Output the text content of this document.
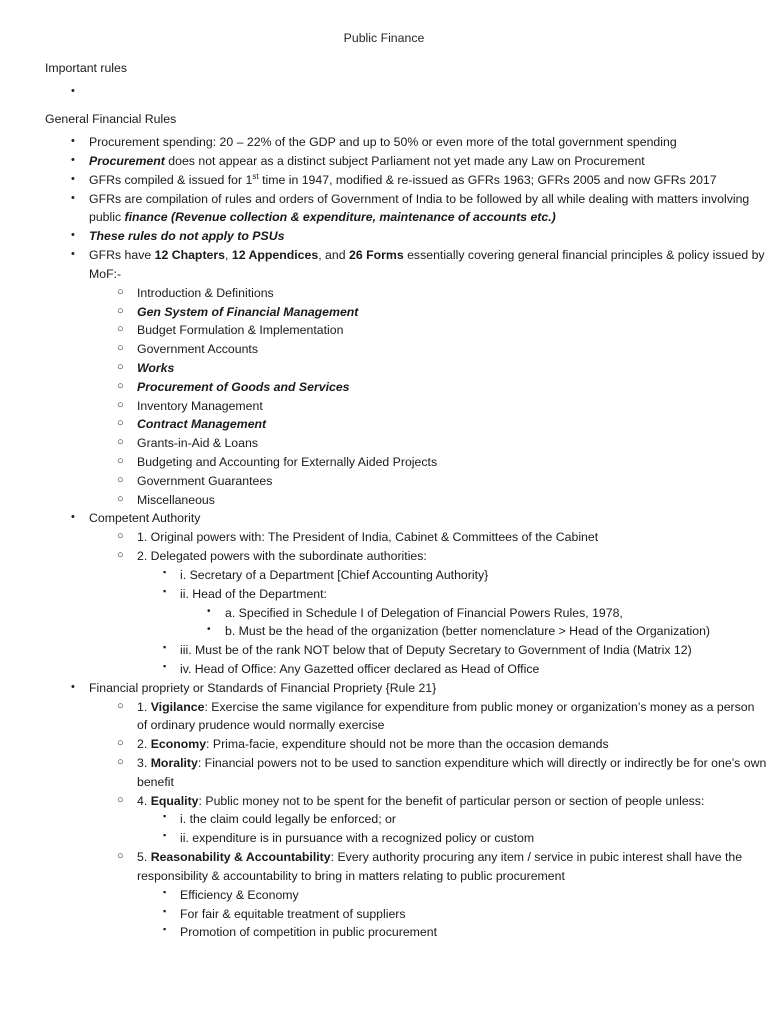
Public Finance
Important rules
•
General Financial Rules
•	Procurement spending: 20 – 22% of the GDP and up to 50% or even more of the total government spending
•	Procurement does not appear as a distinct subject Parliament not yet made any Law on Procurement
•	GFRs compiled & issued for 1st time in 1947, modified & re-issued as GFRs 1963; GFRs 2005 and now GFRs 2017
•	GFRs are compilation of rules and orders of Government of India to be followed by all while dealing with matters involving public finance (Revenue collection & expenditure, maintenance of accounts etc.)
•	These rules do not apply to PSUs
•	GFRs have 12 Chapters, 12 Appendices, and 26 Forms essentially covering general financial principles & policy issued by MoF:-
○	Introduction & Definitions
○	Gen System of Financial Management
○	Budget Formulation & Implementation
○	Government Accounts
○	Works
○	Procurement of Goods and Services
○	Inventory Management
○	Contract Management
○	Grants-in-Aid & Loans
○	Budgeting and Accounting for Externally Aided Projects
○	Government Guarantees
○	Miscellaneous
•	Competent Authority
○	1. Original powers with: The President of India, Cabinet & Committees of the Cabinet
○	2. Delegated powers with the subordinate authorities:
▪	i. Secretary of a Department [Chief Accounting Authority}
▪	ii. Head of the Department:
•	a. Specified in Schedule I of Delegation of Financial Powers Rules, 1978,
•	b. Must be the head of the organization (better nomenclature > Head of the Organization)
▪	iii. Must be of the rank NOT below that of Deputy Secretary to Government of India (Matrix 12)
▪	iv. Head of Office: Any Gazetted officer declared as Head of Office
•	Financial propriety or Standards of Financial Propriety {Rule 21}
○	1. Vigilance: Exercise the same vigilance for expenditure from public money or organization’s money as a person of ordinary prudence would normally exercise
○	2. Economy: Prima-facie, expenditure should not be more than the occasion demands
○	3. Morality: Financial powers not to be used to sanction expenditure which will directly or indirectly be for one’s own benefit
○	4. Equality: Public money not to be spent for the benefit of particular person or section of people unless:
▪	i. the claim could legally be enforced; or
▪	ii. expenditure is in pursuance with a recognized policy or custom
○	5. Reasonability & Accountability: Every authority procuring any item / service in pubic interest shall have the responsibility & accountability to bring in matters relating to public procurement
▪	Efficiency & Economy
▪	For fair & equitable treatment of suppliers
▪	Promotion of competition in public procurement
